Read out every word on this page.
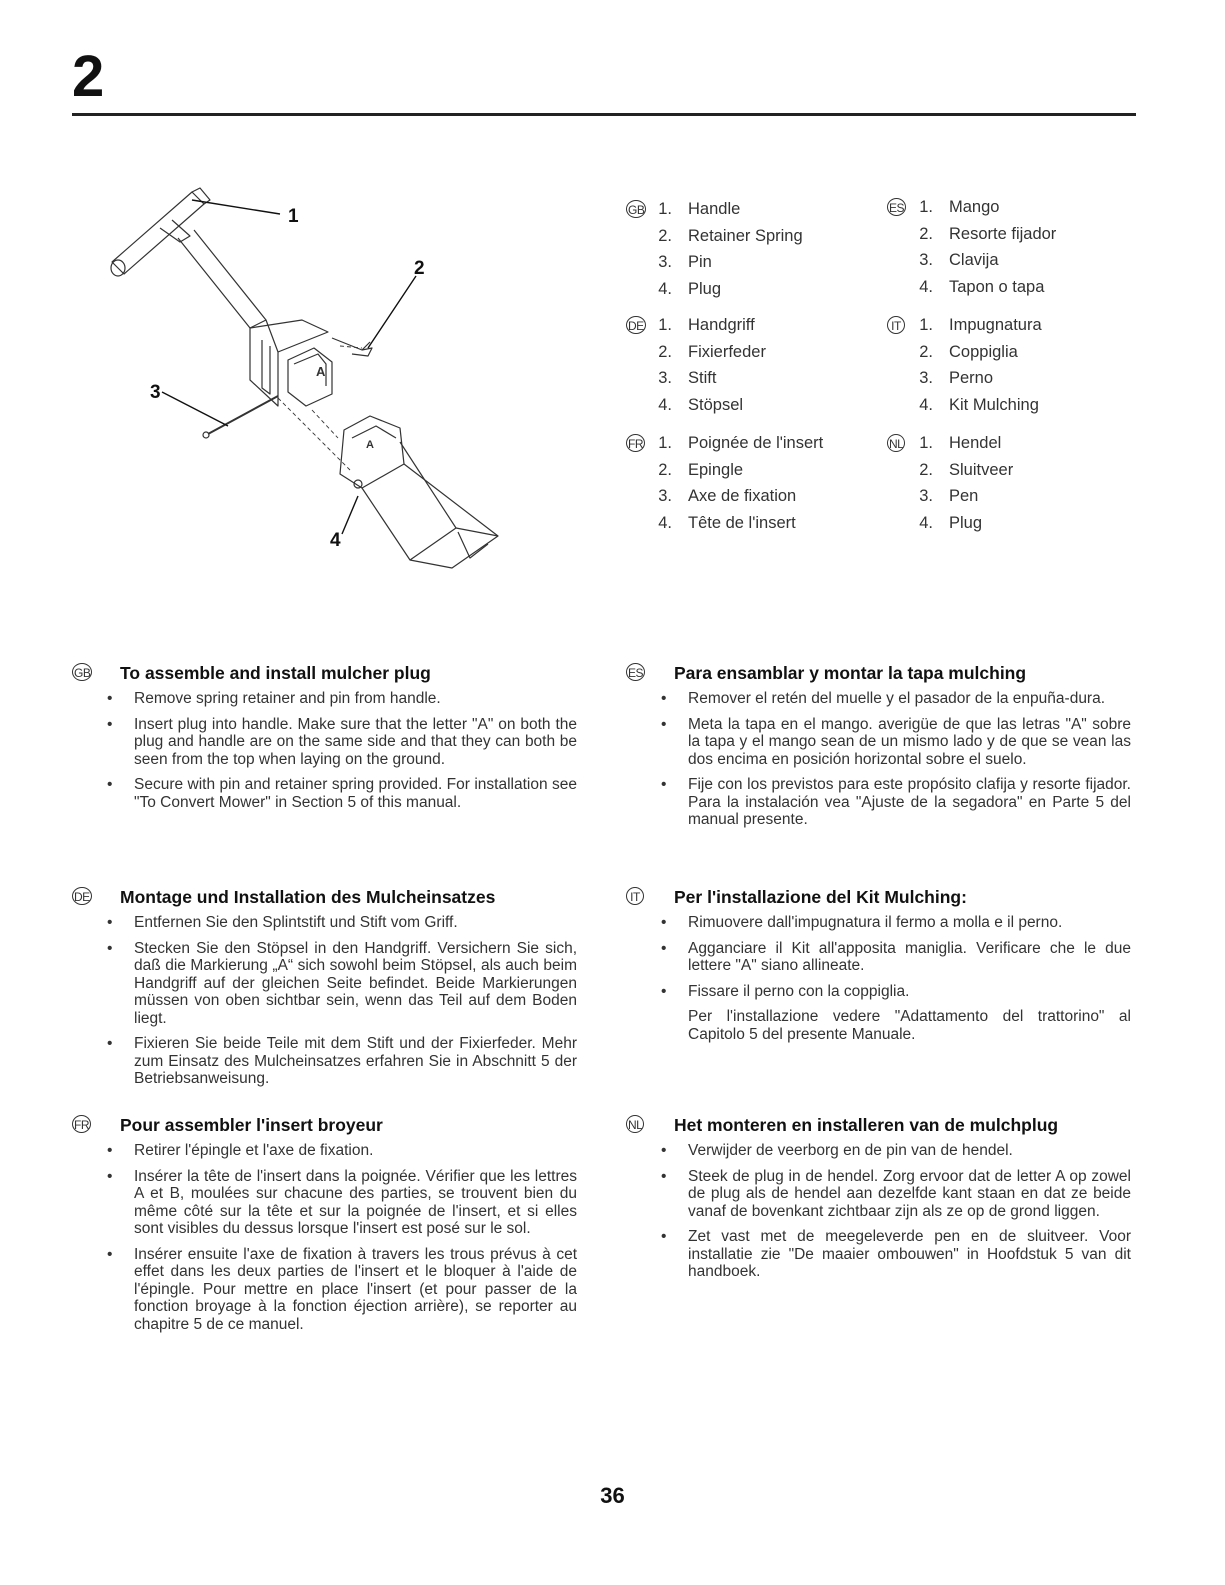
2
A
A
1
2
3
4
GB 1. Handle
2. Retainer Spring
3. Pin
4. Plug
DE 1. Handgriff
2. Fixierfeder
3. Stift
4. Stöpsel
FR 1. Poignée de l'insert
2. Epingle
3. Axe de fixation
4. Tête de l'insert
ES 1. Mango
2. Resorte fijador
3. Clavija
4. Tapon o tapa
IT	1. Impugnatura
2. Coppiglia
3. Perno
4. Kit Mulching
NL 1. Hendel
2. Sluitveer
3. Pen
4. Plug
GB To assemble and install mulcher plug
• Remove spring retainer and pin from handle.
• Insert plug into handle. Make sure that the letter "A" on both the plug and handle are on the same side and that they can both be seen from the top when laying on the ground.
• Secure with pin and retainer spring provided. For installation see "To Convert Mower" in Section 5 of this manual.
DE Montage und Installation des Mulcheinsatzes
• Entfernen Sie den Splintstift und Stift vom Griff.
• Stecken Sie den Stöpsel in den Handgriff. Versichern Sie sich, daß die Markierung „A“ sich sowohl beim Stöpsel, als auch beim Handgriff auf der gleichen Seite befindet. Beide Markierungen müssen von oben sichtbar sein, wenn das Teil auf dem Boden liegt.
• Fixieren Sie beide Teile mit dem Stift und der Fixierfeder. Mehr zum Einsatz des Mulcheinsatzes erfahren Sie in Abschnitt 5 der Betriebsanweisung.
FR Pour assembler l'insert broyeur
• Retirer l'épingle et l'axe de fixation.
• Insérer la tête de l'insert dans la poignée. Vérifier que les lettres A et B, moulées sur chacune des parties, se trouvent bien du même côté sur la tête et sur la poignée de l'insert, et si elles sont visibles du dessus lorsque l'insert est posé sur le sol.
• Insérer ensuite l'axe de fixation à travers les trous prévus à cet effet dans les deux parties de l'insert et le bloquer à l'aide de l'épingle. Pour mettre en place l'insert (et pour passer de la fonction broyage à la fonction éjection arrière), se reporter au chapitre 5 de ce manuel.
ES Para ensamblar y montar la tapa mulching
• Remover el retén del muelle y el pasador de la enpuña-dura.
• Meta la tapa en el mango. averigüe de que las letras "A" sobre la tapa y el mango sean de un mismo lado y de que se vean las dos encima en posición horizontal sobre el suelo.
• Fije con los previstos para este propósito clafija y resorte fijador. Para la instalación vea "Ajuste de la segadora" en Parte 5 del manual presente.
IT Per l'installazione del Kit Mulching:
• Rimuovere dall'impugnatura il fermo a molla e il perno.
• Agganciare il Kit all'apposita maniglia. Verificare che le due lettere "A" siano allineate.
• Fissare il perno con la coppiglia.
Per l'installazione vedere "Adattamento del trattorino" al Capitolo 5 del presente Manuale.
NL Het monteren en installeren van de mulchplug
• Verwijder de veerborg en de pin van de hendel.
• Steek de plug in de hendel. Zorg ervoor dat de letter A op zowel de plug als de hendel aan dezelfde kant staan en dat ze beide vanaf de bovenkant zichtbaar zijn als ze op de grond liggen.
• Zet vast met de meegeleverde pen en de sluitveer. Voor installatie zie "De maaier ombouwen" in Hoofdstuk 5 van dit handboek.
36
